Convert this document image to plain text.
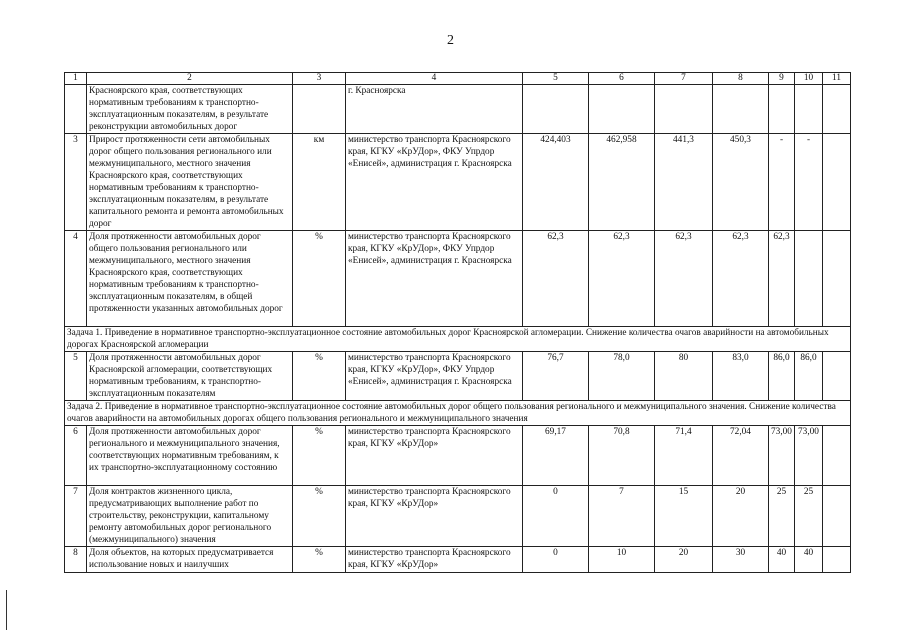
2
1	2	3	4	5	6	7	8	9	10	11
	Красноярского края, соответствующих нормативным требованиям к транспортно-эксплуатационным показателям, в результате реконструкции автомобильных дорог		г. Красноярска							
3	Прирост протяженности сети автомобильных дорог общего пользования регионального или межмуниципального, местного значения Красноярского края, соответствующих нормативным требованиям к транспортно-эксплуатационным показателям, в результате капитального ремонта и ремонта автомобильных дорог	км	министерство транспорта Красноярского края, КГКУ «КрУДор», ФКУ Упрдор «Енисей», администрация г. Красноярска	424,403	462,958	441,3	450,3	-	-	
4	Доля протяженности автомобильных дорог общего пользования регионального или межмуниципального, местного значения Красноярского края, соответствующих нормативным требованиям к транспортно-эксплуатационным показателям, в общей протяженности указанных автомобильных дорог	%	министерство транспорта Красноярского края, КГКУ «КрУДор», ФКУ Упрдор «Енисей», администрация г. Красноярска	62,3	62,3	62,3	62,3	62,3		
Задача 1. Приведение в нормативное транспортно-эксплуатационное состояние автомобильных дорог Красноярской агломерации. Снижение количества очагов аварийности на автомобильных дорогах Красноярской агломерации										
5	Доля протяженности автомобильных дорог Красноярской агломерации, соответствующих нормативным требованиям, к транспортно-эксплуатационным показателям	%	министерство транспорта Красноярского края, КГКУ «КрУДор», ФКУ Упрдор «Енисей», администрация г. Красноярска	76,7	78,0	80	83,0	86,0	86,0	
Задача 2. Приведение в нормативное транспортно-эксплуатационное состояние автомобильных дорог общего пользования регионального и межмуниципального значения. Снижение количества очагов аварийности на автомобильных дорогах общего пользования регионального и межмуниципального значения										
6	Доля протяженности автомобильных дорог регионального и межмуниципального значения, соответствующих нормативным требованиям, к их транспортно-эксплуатационному состоянию	%	министерство транспорта Красноярского края, КГКУ «КрУДор»	69,17	70,8	71,4	72,04	73,00	73,00	
7	Доля контрактов жизненного цикла, предусматривающих выполнение работ по строительству, реконструкции, капитальному ремонту автомобильных дорог регионального (межмуниципального) значения	%	министерство транспорта Красноярского края, КГКУ «КрУДор»	0	7	15	20	25	25	
8	Доля объектов, на которых предусматривается использование новых и наилучших	%	министерство транспорта Красноярского края, КГКУ «КрУДор»	0	10	20	30	40	40	
